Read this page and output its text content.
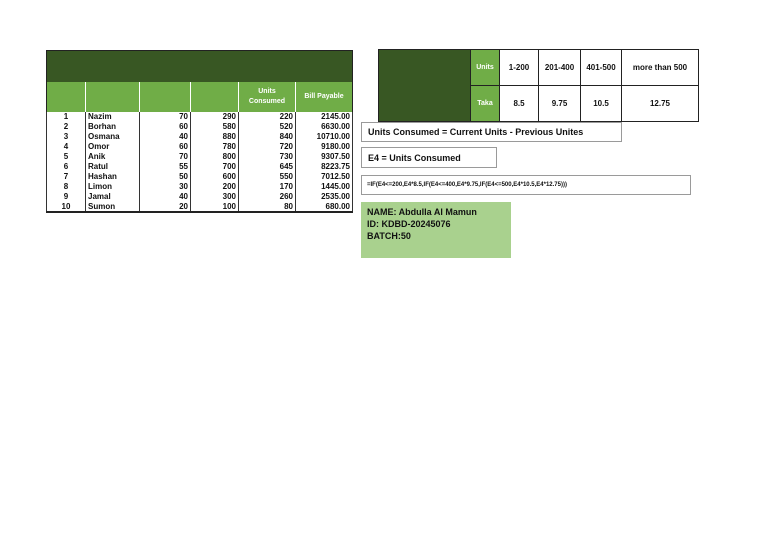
				Units Consumed	Bill Payable
1	Nazim	70	290	220	2145.00
2	Borhan	60	580	520	6630.00
3	Osmana	40	880	840	10710.00
4	Omor	60	780	720	9180.00
5	Anik	70	800	730	9307.50
6	Ratul	55	700	645	8223.75
7	Hashan	50	600	550	7012.50
8	Limon	30	200	170	1445.00
9	Jamal	40	300	260	2535.00
10	Sumon	20	100	80	680.00
	Units	1-200	201-400	401-500	more than 500
	Taka	8.5	9.75	10.5	12.75
Units Consumed = Current Units - Previous Unites
E4 = Units Consumed
=IF(E4<=200,E4*8.5,IF(E4<=400,E4*9.75,IF(E4<=500,E4*10.5,E4*12.75)))
NAME: Abdulla Al Mamun
ID: KDBD-20245076
BATCH:50
